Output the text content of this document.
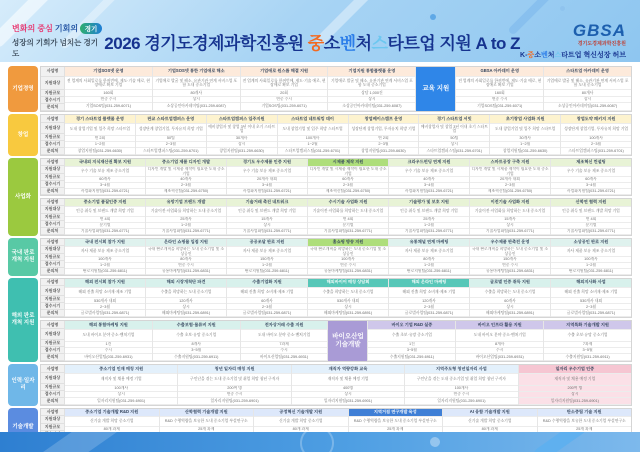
변화의 중심 기회의	경기
성장의 기회가 넘치는 경기도
2026 경기도경제과학진흥원 중소벤처스타트업 지원 A to Z
GBSA
경기도경제과학진흥원
K-중소벤처스타트업 혁신성장 허브
기업경영
창업
사업화
국내 판로개척 지원
해외 판로개척 지원
인력·일자리
기술개발
사업명
지원대상
지원규모
접수시기
문의처
기업SOS넷 운영
전 업계의 사회일로를 한꺼번에, 제도·기술 애로, 현장애로 확보 기업
160회
연중 수시
기업SOS팀(031-259-6071)
기업SOS넷 통한 기업애로 해소
기업애로 발굴 및 해소, 유관기관 연계 서비스업 포함 도내 중소기업
80개사
상시
소상공인아카데미팀(031-259-6087)
기업애로 원스톱 해결 지원
전 업계의 사회일로를 한꺼번에, 제도·기술 애로, 현장애로 확보 기업
20회
연중 수시
기업SOS팀(031-259-6071)
기업지원 통합플랫폼 운영
기업애로 발굴 및 해소, 유관기관 연계 서비스업 포함 도내 중소기업
상담 1,000건
상시
소상공인아카데미팀(031-259-6087)
교육 지원
GBSA 아카데미 운영
전 업계의 사회일로를 한꺼번에, 제도·기술 애로, 현장애로 확보 기업
160회
연중 수시
기업SOS팀(031-259-6071)
스타트업 아카데미 운영
기업애로 발굴 및 해소, 유관기관 연계 서비스업 포함 도내 중소기업
80개사
상시
소상공인아카데미팀(031-259-6087)
사업명
지원대상
지원규모
접수시기
문의처
경기 스타트업 플랫폼 운영
도내 창업기업 및 입주 희망 스타트업
연 2회
1~2월
창업지원팀(031-259-6630)
판교 스타트업캠퍼스 운영
성장단계 창업기업, 투자유치 희망 기업
50팀
2~3월
스타트업캠퍼스팀(031-259-6701)
스타트업캠퍼스 입주지원
예비창업자 및 창업 3년 이내 초기 스타트업
30개사
상시
창업지원팀(031-259-6630)
스타트업 네트워킹 데이
도내 창업기업 및 입주 희망 스타트업
100개사
1~2월
스타트업캠퍼스팀(031-259-6701)
창업베이스캠프 운영
성장단계 창업기업, 투자유치 희망 기업
연 2회
2~3월
창업지원팀(031-259-6630)
경기 스타트업 서밋
예비창업자 및 창업 3년 이내 초기 스타트업
50팀
상시
스타트업캠퍼스팀(031-259-6701)
초기창업 사업화 지원
도내 창업기업 및 입주 희망 스타트업
30개사
1~2월
창업지원팀(031-259-6630)
창업도약 패키지 지원
성장단계 창업기업, 투자유치 희망 기업
100개사
2~3월
스타트업캠퍼스팀(031-259-6701)
사업명
지원대상
지원규모
접수시기
문의처
국내외 지식재산권 확보 지원
우수 기술 보유 제조 중소기업
60개사
3~4월
사업화지원팀(031-259-6721)
중소기업 제품 디자인 개발
디자인 개발 및 시제품 제작이 필요한 도내 중소기업
40개사
2~3월
제조혁신팀(031-259-6750)
경기도 우수제품 인증 지원
우수 기술 보유 제조 중소기업
20개사 내외
3~4월
사업화지원팀(031-259-6721)
시제품 제작 지원
디자인 개발 및 시제품 제작이 필요한 도내 중소기업
60개사
2~3월
제조혁신팀(031-259-6750)
크라우드펀딩 연계 지원
우수 기술 보유 제조 중소기업
40개사
3~4월
사업화지원팀(031-259-6721)
스마트공장 구축 지원
디자인 개발 및 시제품 제작이 필요한 도내 중소기업
20개사 내외
2~3월
제조혁신팀(031-259-6750)
제조혁신 컨설팅
우수 기술 보유 제조 중소기업
60개사
3~4월
사업화지원팀(031-259-6721)
사업명
지원대상
지원규모
접수시기
문의처
중소기업 품질인증 지원
인증 취득 및 브랜드 개발 희망 기업
연 4회
분기별
기술사업화팀(031-259-6771)
유망기업 브랜드 개발
기술이전·사업화를 희망하는 도내 중소기업
25개사
1~2월
기술사업화팀(031-259-6771)
기술거래 촉진 네트워크
인증 취득 및 브랜드 개발 희망 기업
15개사
상시
기술사업화팀(031-259-6771)
수시기술 사업화 지원
기술이전·사업화를 희망하는 도내 중소기업
연 4회
분기별
기술사업화팀(031-259-6771)
기술평가 및 보호 지원
인증 취득 및 브랜드 개발 희망 기업
25개사
1~2월
기술사업화팀(031-259-6771)
이전기술 사업화 지원
기술이전·사업화를 희망하는 도내 중소기업
15개사
상시
기술사업화팀(031-259-6771)
산학연 협력 지원
인증 취득 및 브랜드 개발 희망 기업
연 4회
분기별
기술사업화팀(031-259-6771)
사업명
지원대상
지원규모
접수시기
문의처
국내 전시회 참가 지원
자사 제품 보유 제조 중소기업
100개사
1~2월
판로지원팀(031-259-6811)
온라인 쇼핑몰 입점 지원
국내 판로개척을 희망하는 도내 중소기업 및 소상공인
80개사
연중 수시
유통마케팅팀(031-259-6831)
공공조달 판로 지원
자사 제품 보유 제조 중소기업
150개사
1~2월
판로지원팀(031-259-6811)
홈쇼핑 방송 지원
국내 판로개척을 희망하는 도내 중소기업 및 소상공인
100개사
연중 수시
유통마케팅팀(031-259-6831)
유통채널 연계 마케팅
자사 제품 보유 제조 중소기업
80개사
1~2월
판로지원팀(031-259-6811)
우수제품 판촉전 운영
국내 판로개척을 희망하는 도내 중소기업 및 소상공인
150개사
연중 수시
유통마케팅팀(031-259-6831)
소상공인 판로 지원
자사 제품 보유 제조 중소기업
100개사
1~2월
판로지원팀(031-259-6811)
사업명
지원대상
지원규모
접수시기
문의처
해외 전시회 참가 지원
해외 진출 희망 소비재·제조 기업
530개사 내외
2~3월
글로벌사업팀(031-259-6871)
해외 시장개척단 파견
수출을 희망하는 도내 중소기업
120개사
상시
해외마케팅팀(031-259-6891)
수출기업화 지원
해외 진출 희망 소비재·제조 기업
60개사
2~3월
글로벌사업팀(031-259-6871)
해외바이어 매칭 상담회
수출을 희망하는 도내 중소기업
530개사 내외
상시
해외마케팅팀(031-259-6891)
해외 온라인 마케팅
해외 진출 희망 소비재·제조 기업
120개사
2~3월
글로벌사업팀(031-259-6871)
글로벌 인증 취득 지원
수출을 희망하는 도내 중소기업
60개사
상시
해외마케팅팀(031-259-6891)
해외지사화 사업
해외 진출 희망 소비재·제조 기업
530개사 내외
2~3월
글로벌사업팀(031-259-6871)
사업명
지원대상
지원규모
접수시기
문의처
해외 통합마케팅 지원
도내 바이오 분야 중소·벤처기업
1건
수시
바이오산업팀(031-259-6931)
수출보험·물류비 지원
수출 초보·유망 중소기업
8개사
3~5월
수출지원팀(031-259-6911)
전자상거래 수출 지원
도내 바이오 분야 중소·벤처기업
7과제
수시
바이오산업팀(031-259-6931)
바이오산업 기술개발
바이오 기업 R&D 실증
수출 초보·유망 중소기업
1건
3~5월
수출지원팀(031-259-6911)
바이오 인프라 활용 지원
도내 바이오 분야 중소·벤처기업
8개사
수시
바이오산업팀(031-259-6931)
지역특화 기술개발 지원
수출 초보·유망 중소기업
7과제
3~5월
수출지원팀(031-259-6911)
사업명
지원대상
지원규모
접수시기
문의처
중소기업 인재 매칭 지원
재직자 및 채용 예정 기업
100개사
상시
일자리지원팀(031-259-6901)
청년 일자리 매칭 지원
구인난을 겪는 도내 중소기업 및 취업 희망 청년 구직자
200여 명
연중 수시
일자리지원팀(031-259-6901)
재직자 역량강화 교육
재직자 및 채용 예정 기업
400명
상시
일자리지원팀(031-259-6901)
지역주도형 청년일자리 사업
구인난을 겪는 도내 중소기업 및 취업 희망 청년 구직자
100개사
연중 수시
일자리지원팀(031-259-6901)
일자리 우수기업 인증
재직자 및 채용 예정 기업
200여 명
상시
일자리지원팀(031-259-6901)
사업명
지원대상
지원규모
중소기업 기술개발 R&D 지원
신기술 개발 희망 중소기업
80개 과제
산학협력 기술개발 지원
R&D 수행역량을 보유한 도내 중소기업 부설연구소
25개 과제
공정혁신 기술개발 지원
신기술 개발 희망 중소기업
80개 과제
지역거점 연구개발 육성
R&D 수행역량을 보유한 도내 중소기업 부설연구소
25개 과제
AI 융합 기술개발 지원
신기술 개발 희망 중소기업
80개 과제
탄소중립 기술 지원
R&D 수행역량을 보유한 도내 중소기업 부설연구소
25개 과제
